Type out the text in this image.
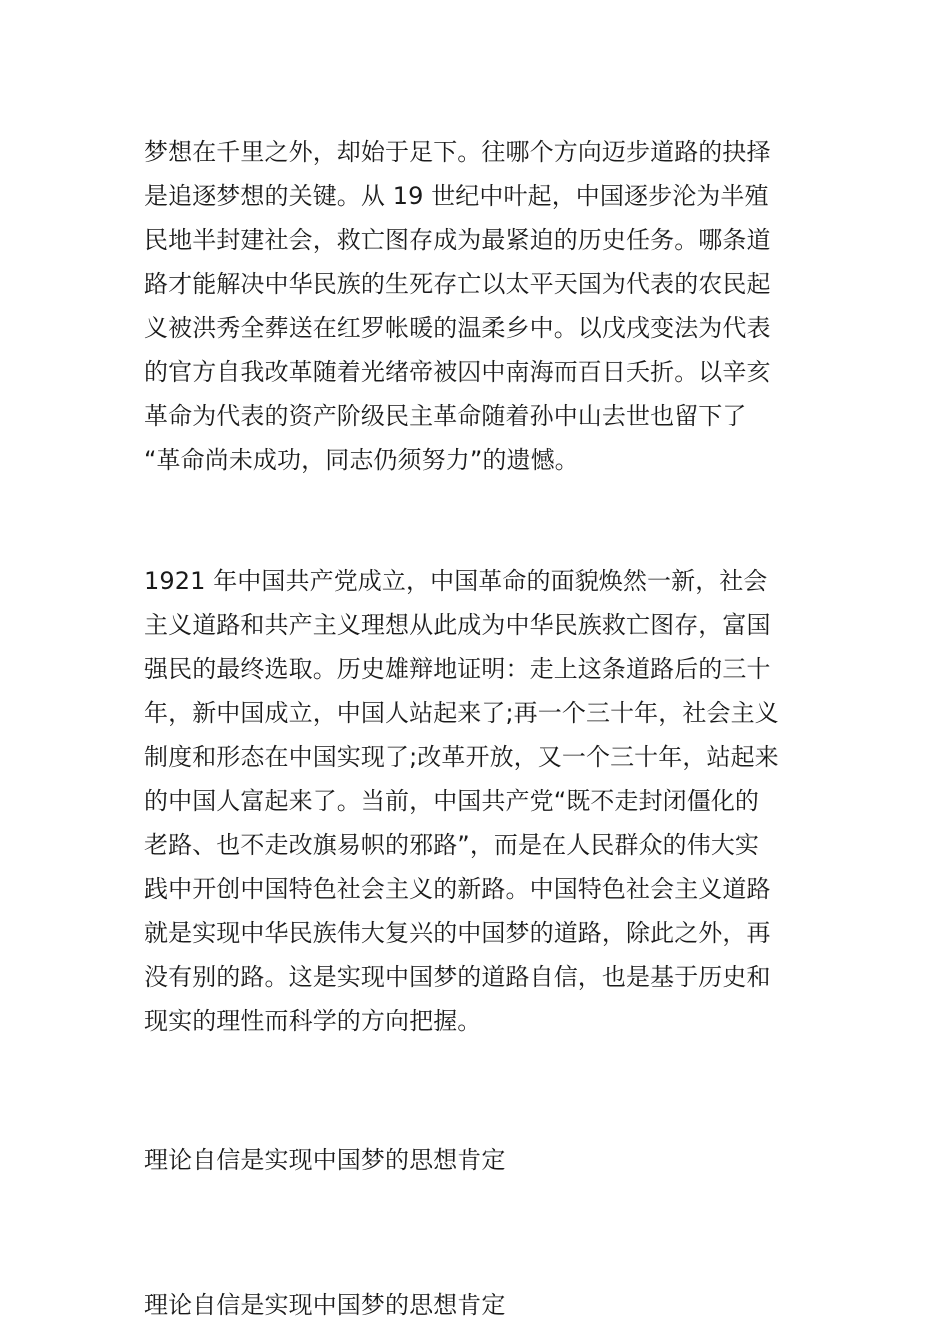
梦想在千里之外，却始于足下。往哪个方向迈步道路的抉择
是追逐梦想的关键。从 19 世纪中叶起，中国逐步沦为半殖
民地半封建社会，救亡图存成为最紧迫的历史任务。哪条道
路才能解决中华民族的生死存亡以太平天国为代表的农民起
义被洪秀全葬送在红罗帐暖的温柔乡中。以戊戌变法为代表
的官方自我改革随着光绪帝被囚中南海而百日夭折。以辛亥
革命为代表的资产阶级民主革命随着孙中山去世也留下了
“革命尚未成功，同志仍须努力”的遗憾。
1921 年中国共产党成立，中国革命的面貌焕然一新，社会
主义道路和共产主义理想从此成为中华民族救亡图存，富国
强民的最终选取。历史雄辩地证明：走上这条道路后的三十
年，新中国成立，中国人站起来了;再一个三十年，社会主义
制度和形态在中国实现了;改革开放，又一个三十年，站起来
的中国人富起来了。当前，中国共产党“既不走封闭僵化的
老路、也不走改旗易帜的邪路”，而是在人民群众的伟大实
践中开创中国特色社会主义的新路。中国特色社会主义道路
就是实现中华民族伟大复兴的中国梦的道路，除此之外，再
没有别的路。这是实现中国梦的道路自信，也是基于历史和
现实的理性而科学的方向把握。
理论自信是实现中国梦的思想肯定
理论自信是实现中国梦的思想肯定
